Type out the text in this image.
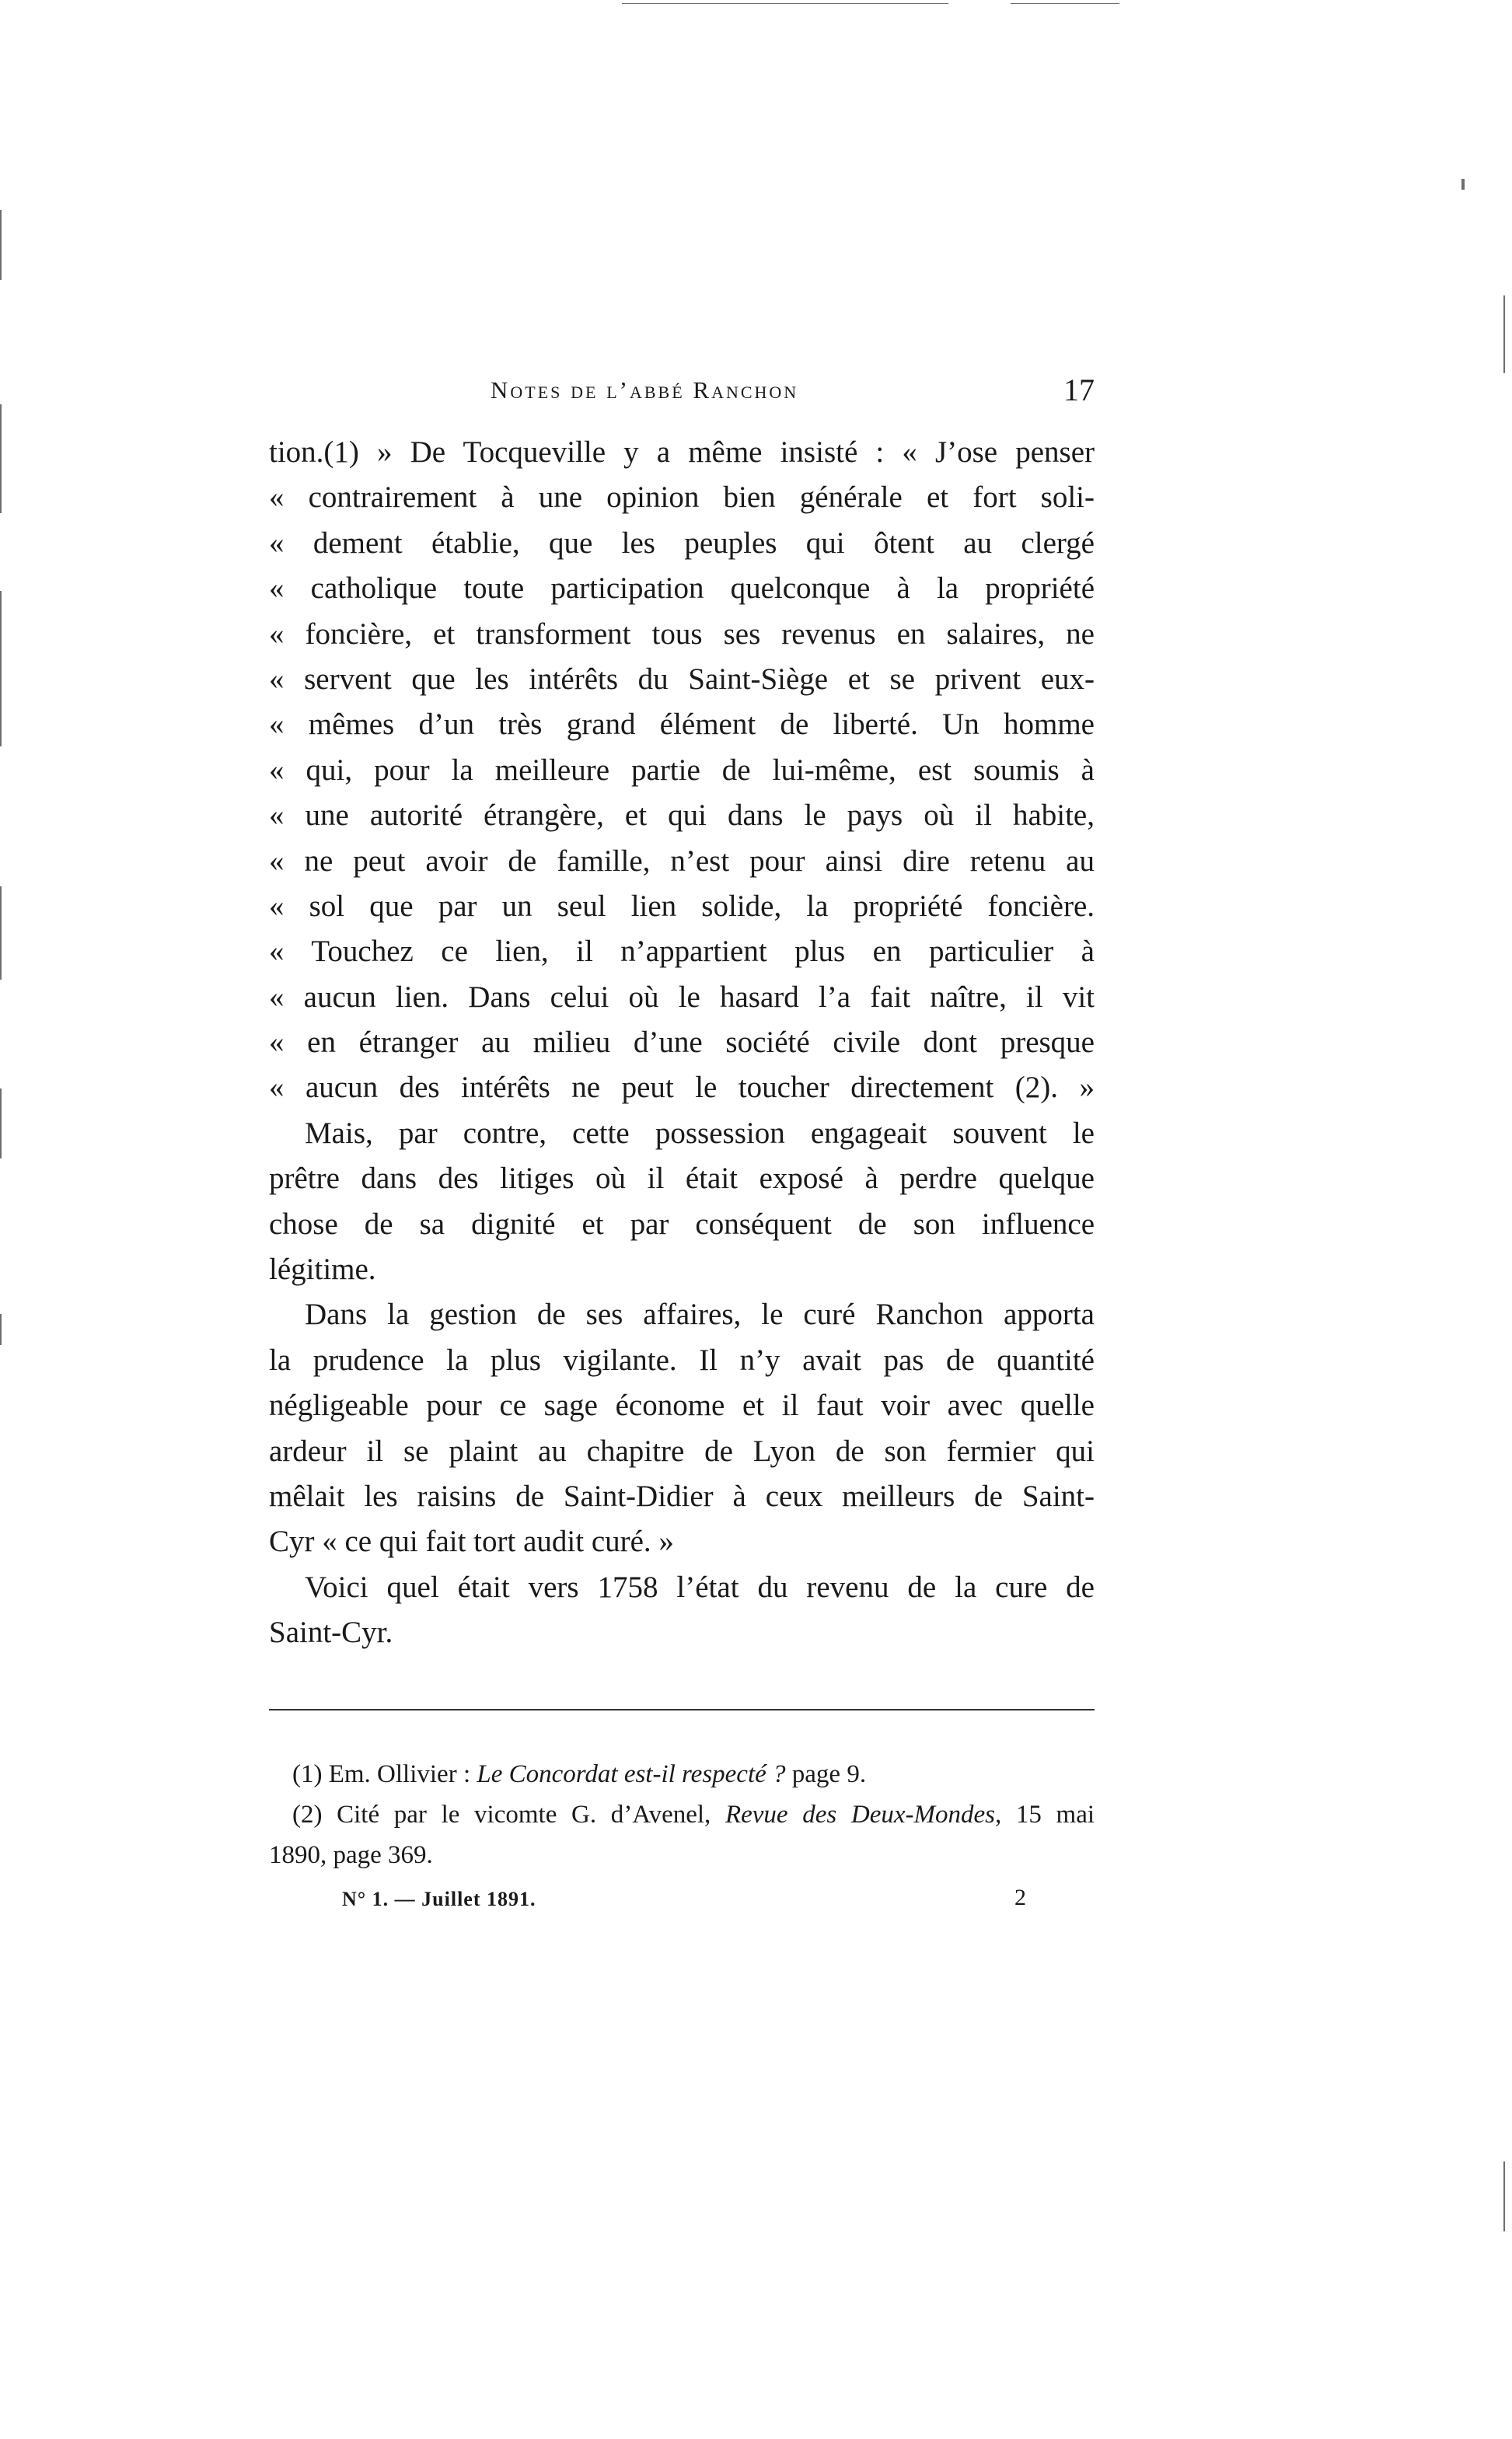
Notes de l’abbé Ranchon	17
tion.(1) » De Tocqueville y a même insisté : « J’ose penser
« contrairement à une opinion bien générale et fort soli-
« dement établie, que les peuples qui ôtent au clergé
« catholique toute participation quelconque à la propriété
« foncière, et transforment tous ses revenus en salaires, ne
« servent que les intérêts du Saint-Siège et se privent eux-
« mêmes d’un très grand élément de liberté. Un homme
« qui, pour la meilleure partie de lui-même, est soumis à
« une autorité étrangère, et qui dans le pays où il habite,
« ne peut avoir de famille, n’est pour ainsi dire retenu au
« sol que par un seul lien solide, la propriété foncière.
« Touchez ce lien, il n’appartient plus en particulier à
« aucun lien. Dans celui où le hasard l’a fait naître, il vit
« en étranger au milieu d’une société civile dont presque
« aucun des intérêts ne peut le toucher directement (2). »
Mais, par contre, cette possession engageait souvent le
prêtre dans des litiges où il était exposé à perdre quelque
chose de sa dignité et par conséquent de son influence
légitime.
Dans la gestion de ses affaires, le curé Ranchon apporta
la prudence la plus vigilante. Il n’y avait pas de quantité
négligeable pour ce sage économe et il faut voir avec quelle
ardeur il se plaint au chapitre de Lyon de son fermier qui
mêlait les raisins de Saint-Didier à ceux meilleurs de Saint-
Cyr « ce qui fait tort audit curé. »
Voici quel était vers 1758 l’état du revenu de la cure de
Saint-Cyr.
(1) Em. Ollivier : Le Concordat est-il respecté ? page 9.
(2) Cité par le vicomte G. d’Avenel, Revue des Deux-Mondes, 15 mai
1890, page 369.
N° 1. — Juillet 1891.	2
